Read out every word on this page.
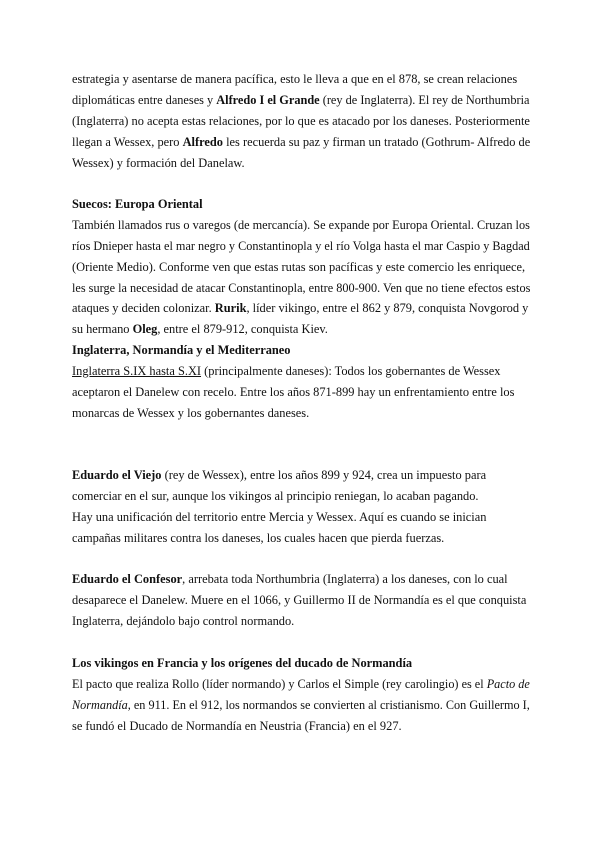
estrategia y asentarse de manera pacífica, esto le lleva a que en el 878, se crean relaciones
diplomáticas entre daneses y Alfredo I el Grande (rey de Inglaterra). El rey de Northumbria
(Inglaterra) no acepta estas relaciones, por lo que es atacado por los daneses. Posteriormente
llegan a Wessex, pero Alfredo les recuerda su paz y firman un tratado (Gothrum- Alfredo de
Wessex) y formación del Danelaw.
Suecos: Europa Oriental
También llamados rus o varegos (de mercancía). Se expande por Europa Oriental. Cruzan los
ríos Dnieper hasta el mar negro y Constantinopla y el río Volga hasta el mar Caspio y Bagdad
(Oriente Medio). Conforme ven que estas rutas son pacíficas y este comercio les enriquece,
les surge la necesidad de atacar Constantinopla, entre 800-900. Ven que no tiene efectos estos
ataques y deciden colonizar. Rurik, líder vikingo, entre el 862 y 879, conquista Novgorod y
su hermano Oleg, entre el 879-912, conquista Kiev.
Inglaterra, Normandía y el Mediterraneo
Inglaterra S.IX hasta S.XI (principalmente daneses): Todos los gobernantes de Wessex
aceptaron el Danelew con recelo. Entre los años 871-899 hay un enfrentamiento entre los
monarcas de Wessex y los gobernantes daneses.
Eduardo el Viejo (rey de Wessex), entre los años 899 y 924, crea un impuesto para
comerciar en el sur, aunque los vikingos al principio reniegan, lo acaban pagando.
Hay una unificación del territorio entre Mercia y Wessex. Aquí es cuando se inician
campañas militares contra los daneses, los cuales hacen que pierda fuerzas.
Eduardo el Confesor, arrebata toda Northumbria (Inglaterra) a los daneses, con lo cual
desaparece el Danelew. Muere en el 1066, y Guillermo II de Normandía es el que conquista
Inglaterra, dejándolo bajo control normando.
Los vikingos en Francia y los orígenes del ducado de Normandía
El pacto que realiza Rollo (líder normando) y Carlos el Simple (rey carolingio) es el Pacto de
Normandía, en 911. En el 912, los normandos se convierten al cristianismo. Con Guillermo I,
se fundó el Ducado de Normandía en Neustria (Francia) en el 927.
